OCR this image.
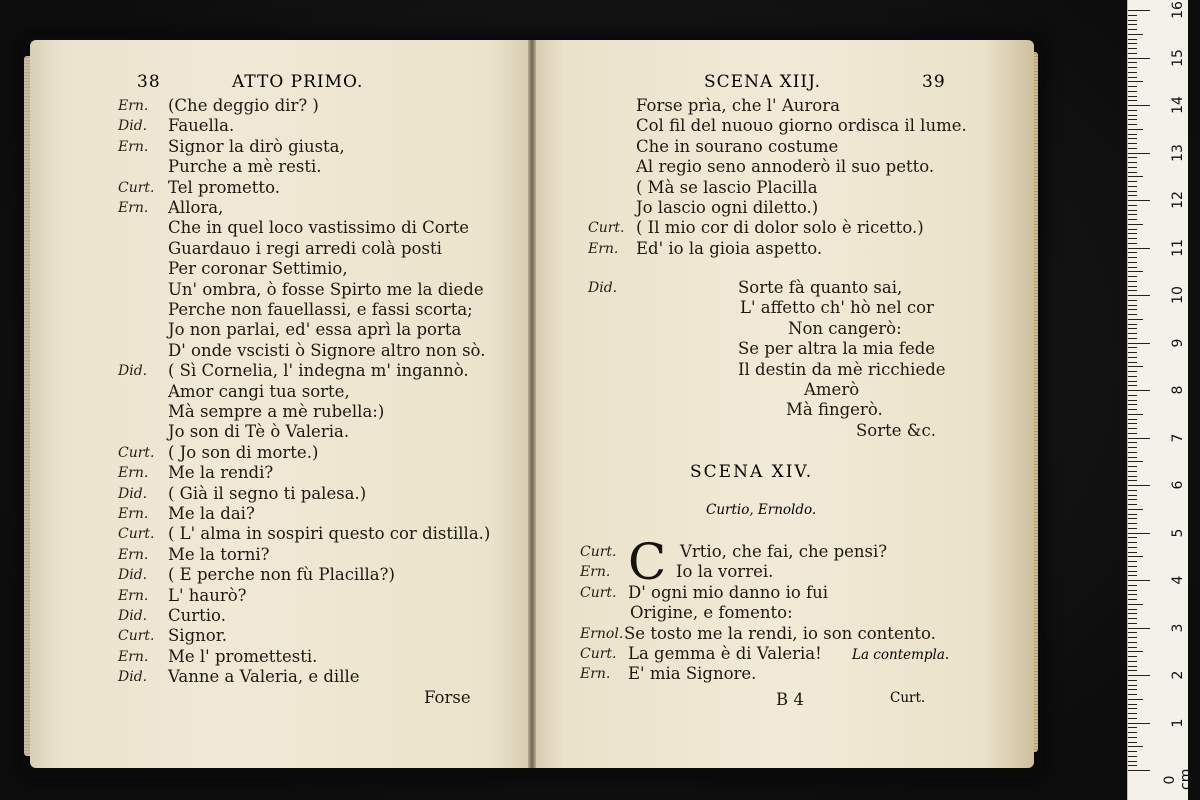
38	ATTO PRIMO.
Ern. (Che deggio dir? )
Did. Fauella.
Ern. Signor la dirò giusta,
Purche a mè resti.
Curt. Tel prometto.
Ern. Allora,
Che in quel loco vastissimo di Corte
Guardauo i regi arredi colà posti
Per coronar Settimio,
Un' ombra, ò fosse Spirto me la diede
Perche non fauellassi, e fassi scorta;
Jo non parlai, ed' essa aprì la porta
D' onde vscisti ò Signore altro non sò.
Did. ( Sì Cornelia, l' indegna m' ingannò.
Amor cangi tua sorte,
Mà sempre a mè rubella:)
Jo son di Tè ò Valeria.
Curt. ( Jo son di morte.)
Ern. Me la rendi?
Did. ( Già il segno ti palesa.)
Ern. Me la dai?
Curt. ( L' alma in sospiri questo cor distilla.)
Ern. Me la torni?
Did. ( E perche non fù Placilla?)
Ern. L' haurò?
Did. Curtio.
Curt. Signor.
Ern. Me l' promettesti.
Did. Vanne a Valeria, e dille
Forse
SCENA XIIJ.	39
Forse prìa, che l' Aurora
Col fil del nuouo giorno ordisca il lume.
Che in sourano costume
Al regio seno annoderò il suo petto.
( Mà se lascio Placilla
Jo lascio ogni diletto.)
Curt. ( Il mio cor di dolor solo è ricetto.)
Ern. Ed' io la gioia aspetto.
Did.	Sorte fà quanto sai,
L' affetto ch' hò nel cor
Non cangerò:
Se per altra la mia fede
Il destin da mè ricchiede
Amerò
Mà fingerò.
Sorte &c.
SCENA XIV.
Curtio, Ernoldo.
C
Curt.	Vrtio, che fai, che pensi?
Ern.	Io la vorrei.
Curt. D' ogni mio danno io fui
Origine, e fomento:
Ernol. Se tosto me la rendi, io son contento.
Curt. La gemma è di Valeria!
Ern. E' mia Signore.
La contempla.
B 4	Curt.
1
2
3
4
5
6
7
8
9
10
11
12
13
14
15
16
0 cm
